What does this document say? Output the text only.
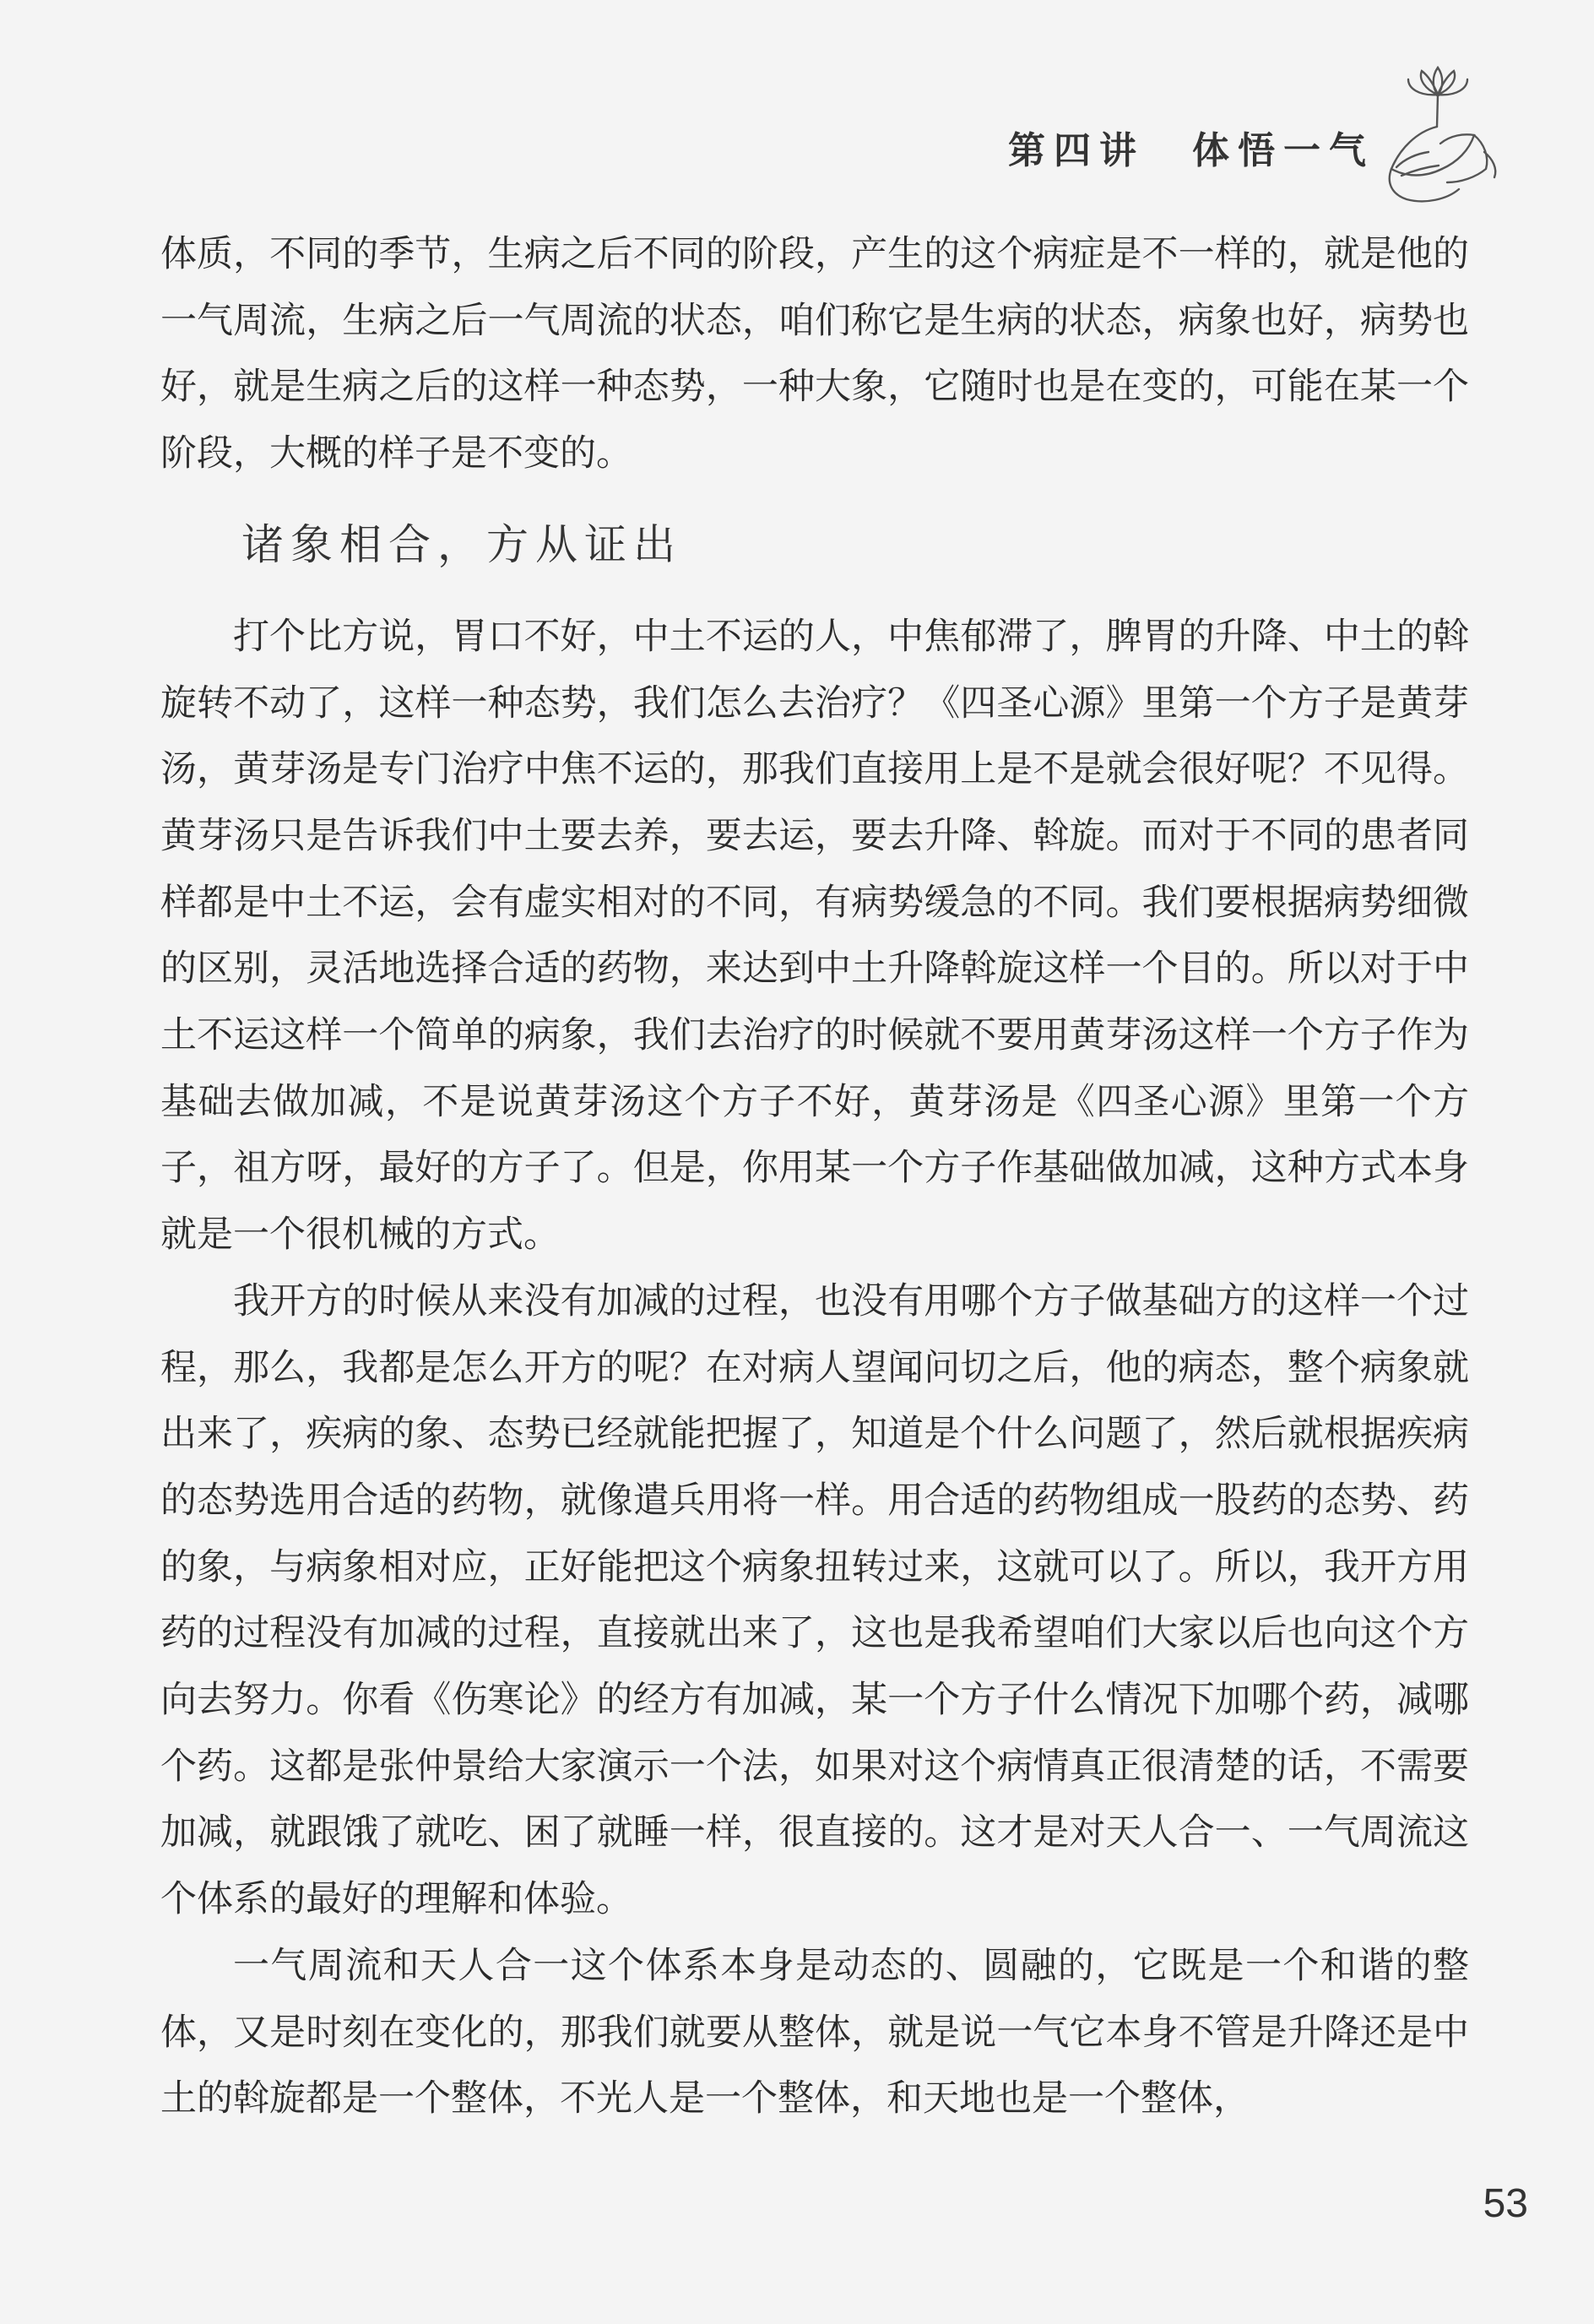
第四讲 体悟一气

体质，不同的季节，生病之后不同的阶段，产生的这个病症是不一样的，就是他的一气周流，生病之后一气周流的状态，咱们称它是生病的状态，病象也好，病势也好，就是生病之后的这样一种态势，一种大象，它随时也是在变的，可能在某一个阶段，大概的样子是不变的。

诸象相合，方从证出

打个比方说，胃口不好，中土不运的人，中焦郁滞了，脾胃的升降、中土的斡旋转不动了，这样一种态势，我们怎么去治疗？《四圣心源》里第一个方子是黄芽汤，黄芽汤是专门治疗中焦不运的，那我们直接用上是不是就会很好呢？不见得。黄芽汤只是告诉我们中土要去养，要去运，要去升降、斡旋。而对于不同的患者同样都是中土不运，会有虚实相对的不同，有病势缓急的不同。我们要根据病势细微的区别，灵活地选择合适的药物，来达到中土升降斡旋这样一个目的。所以对于中土不运这样一个简单的病象，我们去治疗的时候就不要用黄芽汤这样一个方子作为基础去做加减，不是说黄芽汤这个方子不好，黄芽汤是《四圣心源》里第一个方子，祖方呀，最好的方子了。但是，你用某一个方子作基础做加减，这种方式本身就是一个很机械的方式。

我开方的时候从来没有加减的过程，也没有用哪个方子做基础方的这样一个过程，那么，我都是怎么开方的呢？在对病人望闻问切之后，他的病态，整个病象就出来了，疾病的象、态势已经就能把握了，知道是个什么问题了，然后就根据疾病的态势选用合适的药物，就像遣兵用将一样。用合适的药物组成一股药的态势、药的象，与病象相对应，正好能把这个病象扭转过来，这就可以了。所以，我开方用药的过程没有加减的过程，直接就出来了，这也是我希望咱们大家以后也向这个方向去努力。你看《伤寒论》的经方有加减，某一个方子什么情况下加哪个药，减哪个药。这都是张仲景给大家演示一个法，如果对这个病情真正很清楚的话，不需要加减，就跟饿了就吃、困了就睡一样，很直接的。这才是对天人合一、一气周流这个体系的最好的理解和体验。

一气周流和天人合一这个体系本身是动态的、圆融的，它既是一个和谐的整体，又是时刻在变化的，那我们就要从整体，就是说一气它本身不管是升降还是中土的斡旋都是一个整体，不光人是一个整体，和天地也是一个整体，

53
